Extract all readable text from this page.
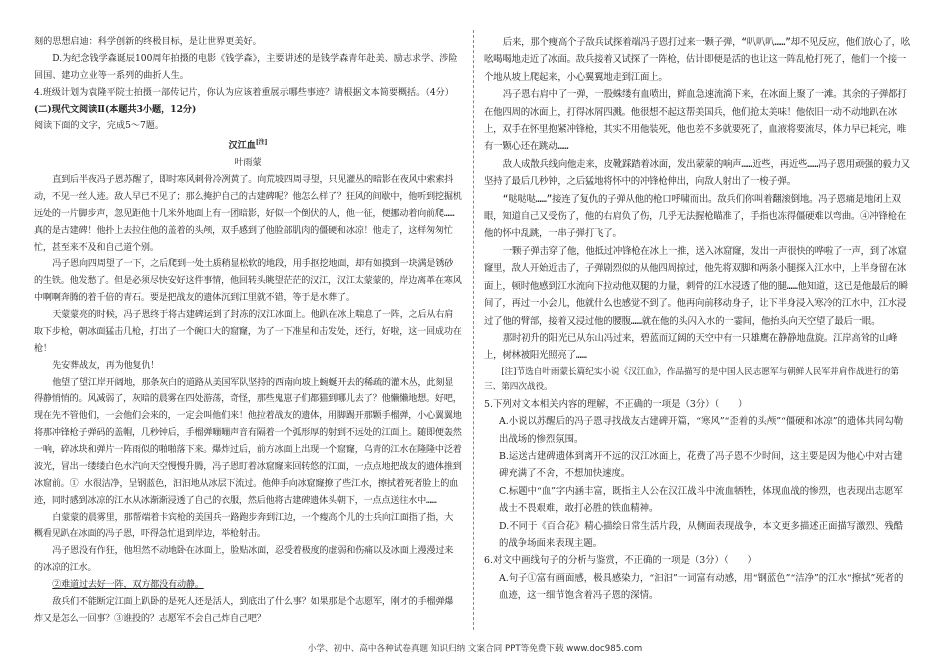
刻的思想启迪：科学创新的终极目标，是让世界更美好。

D.为纪念钱学森诞辰100周年拍摄的电影《钱学森》，主要讲述的是钱学森青年赴美、励志求学、涉险回国、建功立业等一系列的曲折人生。

4.班级计划为袁隆平院士拍摄一部传记片，你认为应该着重展示哪些事迹？请根据文本简要概括。（4分）

(二)现代文阅读Ⅱ(本题共3小题，12分)

阅读下面的文字，完成5～7题。

汉江血[注]

叶雨蒙

直到后半夜冯子恩苏醒了，即时寒风刺骨冷冽黄了。向荒坡四周寻望，只见灌丛的暗影在夜风中索索抖动，不见一丝人迹。敌人早已不见了；那么掩护自己的古建碑呢？他怎么样了？狂风的间歇中，他听到挖掘机远处的一片脚步声，忽见距他十几米外地面上有一团暗影，好似一个倒伏的人，他一征，便挪动着向前爬……真的是古建碑！他扑上去拉住他的盖着的头颅，双手感到了他脸部肌肉的僵硬和冰凉！他走了，这样匆匆忙忙，甚至来不及和自己道个别。

冯子恩向四周望了一下，之后爬到一处土质稍显松软的地段，用手抠挖地面，却有如摸到一块满是锈砂的生铁。他发愁了。但是必须尽快安好这件事情，他回转头眺望茫茫的汉江，汉江太蒙蒙的，岸边离革在寒风中啊啊奔腾的着千倍的青石。要是把战友的遗体沉到江里就不错，等于是水葬了。

天蒙蒙亮的时候，冯子恩终于将古建碑运到了封冻的汉江冰面上。他趴在冰上喘息了一阵，之后从右肩取下步枪，朝冰面猛击几枪，打出了一个碗口大的窟窿，为了一下准星和击发处，还行，好啦，这一回成功在枪！

先安葬战友，再为他复仇！

他望了望江岸开阔地，那条灰白的道路从美国军队坚持的西南向坡上蜿蜒开去的稀疏的灌木丛，此刻显得静悄悄的。风减弱了，灰暗的晨雾在四处游荡，奇怪，那些鬼崽子们都猫到哪儿去了？他懒懒地想。好吧，现在先不管他们，一会他们会来的，一定会叫他们来！他拉着战友的遗体，用脚踢开那颗手榴弹，小心翼翼地将那冲锋枪子弹码的盖帽，几秒钟后，手榴弹嘣嘣声音有隔着一个弧形厚的射到不远处的江面上。随即便轰然一响，碎冰块和弹片一阵雨似的啪啪落下来。爆炸过后，前方冰面上出现一个窟窿，乌青的江水在隆隆中泛着波光，冒出一缕缕白色水汽向天空慢慢升腾，冯子恩盯着冰窟窿来回转悠的江面，一点点地把战友的遗体推到冰窟前。① 水很洁净，呈钢蓝色，汩汩地从冰层下流过。他伸手向冰窟窿撩了些江水，擦拭着死者脸上的血迹，同时感到冰凉的江水从冰渐渐浸透了自己的衣服，然后他将古建碑遗体头朝下，一点点送往水中……

白蒙蒙的晨雾里，那帮端着卡宾枪的美国兵一路跑步奔到江边，一个瘦高个儿的士兵向江面指了指，大概看见趴在冰面的冯子恩，吓得急忙退到岸边，举枪射击。

冯子恩没有作狂，他坦然不动地卧在冰面上，脸贴冰面，忍受着极度的虚弱和伤痛以及冰面上漫漫过来的冰凉的江水。

②难道过去好一阵，双方都没有动静。

敌兵们不能断定江面上趴卧的是死人还是活人，到底出了什么事？如果那是个志愿军，刚才的手榴弹爆炸又是怎么一回事？③谁投的？志愿军不会自己炸自己吧？

后来，那个瘦高个子敌兵试探着端冯子恩打过来一颗子弹，“叭叭叭……”却不见反应，他们放心了，吆吆喝喝地走近了冰面。敌兵接着又试探了一阵枪，估计即便是活的也让这一阵乱枪打死了，他们一个接一个地从坡上爬起来，小心翼翼地走到江面上。

冯子恩右肩中了一弹，一股蛛缕有血喷出，鲜血急速流淌下来，在冰面上聚了一滩。其余的子弹都打在他四周的冰面上，打得冰屑四溅。他很想不起这帮美国兵，他们抢太美味！他依旧一动不动地趴在冰上，双手在怀里抱紧冲锋枪，其实不用他装死，他也差不多就要死了，血液将要流尽，体力早已耗完，唯有一颗心还在跳动……

敌人成散兵线向他走来，皮靴踩踏着冰面，发出蒙蒙的响声……近些，再近些……冯子恩用顽强的毅力又坚持了最后几秒钟，之后猛地将怀中的冲锋枪伸出，向敌人射出了一梭子弹。

“哒哒哒……”接连了复仇的子弹从他的枪口呼啸而出。敌兵们你叫着翻滚倒地。冯子恩痛是地闭上双眼，知道自己又受伤了，他的右肩负了伤，几乎无法握枪瞄准了，手指也冻得僵硬难以弯曲。④冲锋枪在他的怀中乱跳，一串子弹打飞了。

一颗子弹击穿了他，他抵过冲锋枪在冰上一推，送入冰窟窿，发出一声很快的哗啦了一声，到了冰窟窿里，敌人开始近击了，子弹剧烈似的从他四周掠过，他先将双脚和两条小腿探入江水中，上半身留在冰面上，顿时他感到江水流向下拉动他双腿的力量，刺骨的江水浸透了他的腿……他知道，这已是他最后的瞬间了，再过一小会儿，他就什么也感觉不到了。他再向前移动身子，让下半身浸入寒冷的江水中，江水浸过了他的臂部，接着又浸过他的腰腹……就在他的头闪入水的一霎间，他抬头向天空望了最后一眼。

那时初升的阳光已从东山冯过来，碧蓝而辽阔的天空中有一只雄鹰在静静地盘旋。江岸高耸的山峰上，树林被阳光照亮了……

[注]节选自叶雨蒙长篇纪实小说《汉江血》，作品描写的是中国人民志愿军与朝鲜人民军并肩作战进行的第三、第四次战役。

5.下列对文本相关内容的理解，不正确的一项是（3分）（　　）

A.小说以苏醒后的冯子恩寻找战友古建碑开篇，“寒风”“歪着的头颅”“僵硬和冰凉”的遗体共同勾勒出战场的惨烈氛围。

B.运送古建碑遗体到离开不远的汉江冰面上，花费了冯子恩不少时间，这主要是因为他心中对古建碑充满了不舍，不想加快速度。

C.标题中“血”字内涵丰富，既指主人公在汉江战斗中流血牺牲，体现血战的惨烈，也表现出志愿军战士不畏艰难，敢打必胜的铁血精神。

D.不同于《百合花》精心描绘日常生活片段，从侧面表现战争，本文更多描述正面描写激烈、残酷的战争场面来表现主题。

6.对文中画线句子的分析与鉴赏，不正确的一项是（3分）（　　）

A.句子①富有画面感，极具感染力，“汩汩”一词富有动感，用“钢蓝色”“洁净”的江水“擦拭”死者的血迹，这一细节饱含着冯子恩的深情。

小学、初中、高中各种试卷真题 知识归纳 文案合同 PPT等免费下载 www.doc985.com
